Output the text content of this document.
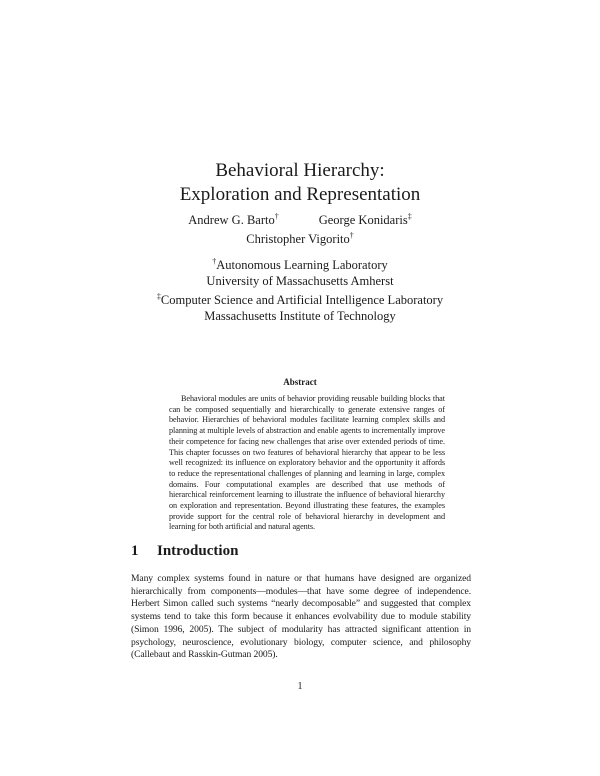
Behavioral Hierarchy:
Exploration and Representation
Andrew G. Barto†	George Konidaris‡
Christopher Vigorito†
†Autonomous Learning Laboratory
University of Massachusetts Amherst
‡Computer Science and Artificial Intelligence Laboratory
Massachusetts Institute of Technology
Abstract

Behavioral modules are units of behavior providing reusable building blocks that can be composed sequentially and hierarchically to generate extensive ranges of behavior. Hierarchies of behavioral modules facilitate learning complex skills and planning at multiple levels of abstraction and enable agents to incrementally improve their competence for facing new challenges that arise over extended periods of time. This chapter focusses on two features of behavioral hierarchy that appear to be less well recognized: its influence on exploratory behavior and the opportunity it affords to reduce the representational challenges of planning and learning in large, complex domains. Four computational examples are described that use methods of hierarchical reinforcement learning to illustrate the influence of behavioral hierarchy on exploration and representation. Beyond illustrating these features, the examples provide support for the central role of behavioral hierarchy in development and learning for both artificial and natural agents.

1 Introduction

Many complex systems found in nature or that humans have designed are organized hierarchically from components—modules—that have some degree of independence. Herbert Simon called such systems “nearly decomposable” and suggested that complex systems tend to take this form because it enhances evolvability due to module stability (Simon 1996, 2005). The subject of modularity has attracted significant attention in psychology, neuroscience, evolutionary biology, computer science, and philosophy (Callebaut and Rasskin-Gutman 2005).

1
